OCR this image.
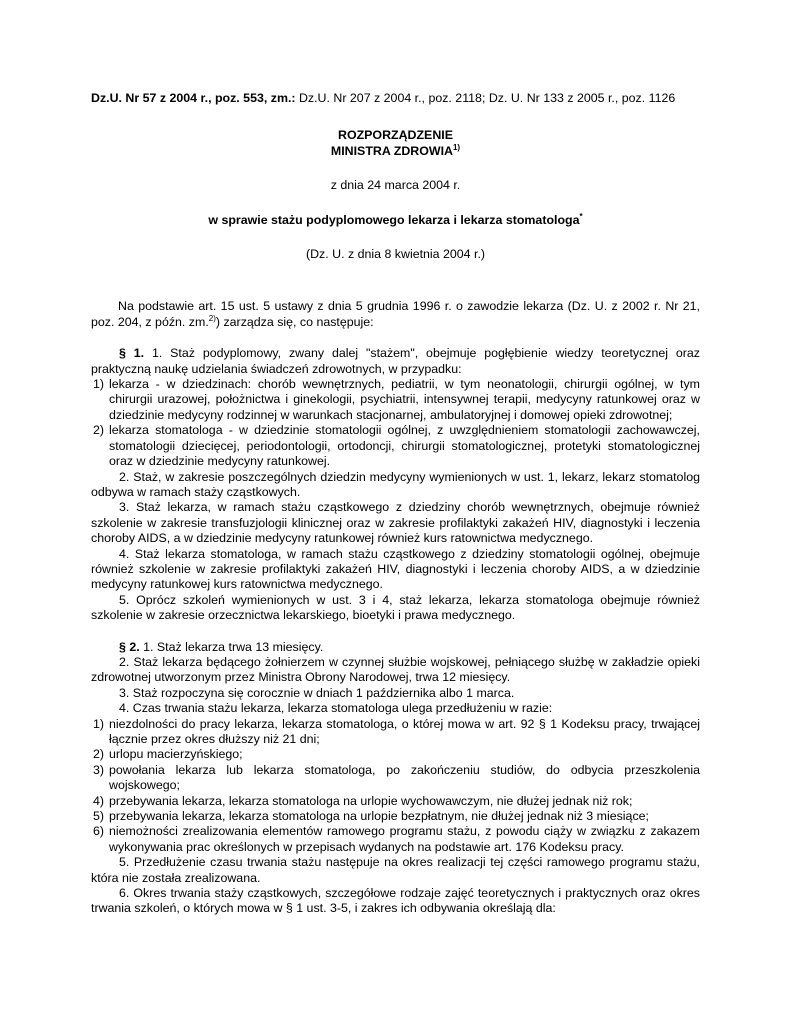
Dz.U. Nr 57 z 2004 r., poz. 553, zm.: Dz.U. Nr 207 z 2004 r., poz. 2118; Dz. U. Nr 133 z 2005 r., poz. 1126

ROZPORZĄDZENIE

MINISTRA ZDROWIA$^{1)}$

z dnia 24 marca 2004 r.

w sprawie stażu podyplomowego lekarza i lekarza stomatologa*

(Dz. U. z dnia 8 kwietnia 2004 r.)

Na podstawie art. 15 ust. 5 ustawy z dnia 5 grudnia 1996 r. o zawodzie lekarza (Dz. U. z 2002 r. Nr 21, poz. 204, z późn. zm.$^{2)}$) zarządza się, co następuje:

§ 1. 1. Staż podyplomowy, zwany dalej "stażem", obejmuje pogłębienie wiedzy teoretycznej oraz praktyczną naukę udzielania świadczeń zdrowotnych, w przypadku:

1) lekarza - w dziedzinach: chorób wewnętrznych, pediatrii, w tym neonatologii, chirurgii ogólnej, w tym chirurgii urazowej, położnictwa i ginekologii, psychiatrii, intensywnej terapii, medycyny ratunkowej oraz w dziedzinie medycyny rodzinnej w warunkach stacjonarnej, ambulatoryjnej i domowej opieki zdrowotnej;
2) lekarza stomatologa - w dziedzinie stomatologii ogólnej, z uwzględnieniem stomatologii zachowawczej, stomatologii dziecięcej, periodontologii, ortodoncji, chirurgii stomatologicznej, protetyki stomatologicznej oraz w dziedzinie medycyny ratunkowej.

2. Staż, w zakresie poszczególnych dziedzin medycyny wymienionych w ust. 1, lekarz, lekarz stomatolog odbywa w ramach staży cząstkowych.

3. Staż lekarza, w ramach stażu cząstkowego z dziedziny chorób wewnętrznych, obejmuje również szkolenie w zakresie transfuzjologii klinicznej oraz w zakresie profilaktyki zakażeń HIV, diagnostyki i leczenia choroby AIDS, a w dziedzinie medycyny ratunkowej również kurs ratownictwa medycznego.

4. Staż lekarza stomatologa, w ramach stażu cząstkowego z dziedziny stomatologii ogólnej, obejmuje również szkolenie w zakresie profilaktyki zakażeń HIV, diagnostyki i leczenia choroby AIDS, a w dziedzinie medycyny ratunkowej kurs ratownictwa medycznego.

5. Oprócz szkoleń wymienionych w ust. 3 i 4, staż lekarza, lekarza stomatologa obejmuje również szkolenie w zakresie orzecznictwa lekarskiego, bioetyki i prawa medycznego.

§ 2. 1. Staż lekarza trwa 13 miesięcy.

2. Staż lekarza będącego żołnierzem w czynnej służbie wojskowej, pełniącego służbę w zakładzie opieki zdrowotnej utworzonym przez Ministra Obrony Narodowej, trwa 12 miesięcy.

3. Staż rozpoczyna się corocznie w dniach 1 października albo 1 marca.

4. Czas trwania stażu lekarza, lekarza stomatologa ulega przedłużeniu w razie:

1) niezdolności do pracy lekarza, lekarza stomatologa, o której mowa w art. 92 § 1 Kodeksu pracy, trwającej łącznie przez okres dłuższy niż 21 dni;
2) urlopu macierzyńskiego;
3) powołania lekarza lub lekarza stomatologa, po zakończeniu studiów, do odbycia przeszkolenia wojskowego;
4) przebywania lekarza, lekarza stomatologa na urlopie wychowawczym, nie dłużej jednak niż rok;
5) przebywania lekarza, lekarza stomatologa na urlopie bezpłatnym, nie dłużej jednak niż 3 miesiące;
6) niemożności zrealizowania elementów ramowego programu stażu, z powodu ciąży w związku z zakazem wykonywania prac określonych w przepisach wydanych na podstawie art. 176 Kodeksu pracy.

5. Przedłużenie czasu trwania stażu następuje na okres realizacji tej części ramowego programu stażu, która nie została zrealizowana.

6. Okres trwania staży cząstkowych, szczegółowe rodzaje zajęć teoretycznych i praktycznych oraz okres trwania szkoleń, o których mowa w § 1 ust. 3-5, i zakres ich odbywania określają dla:
